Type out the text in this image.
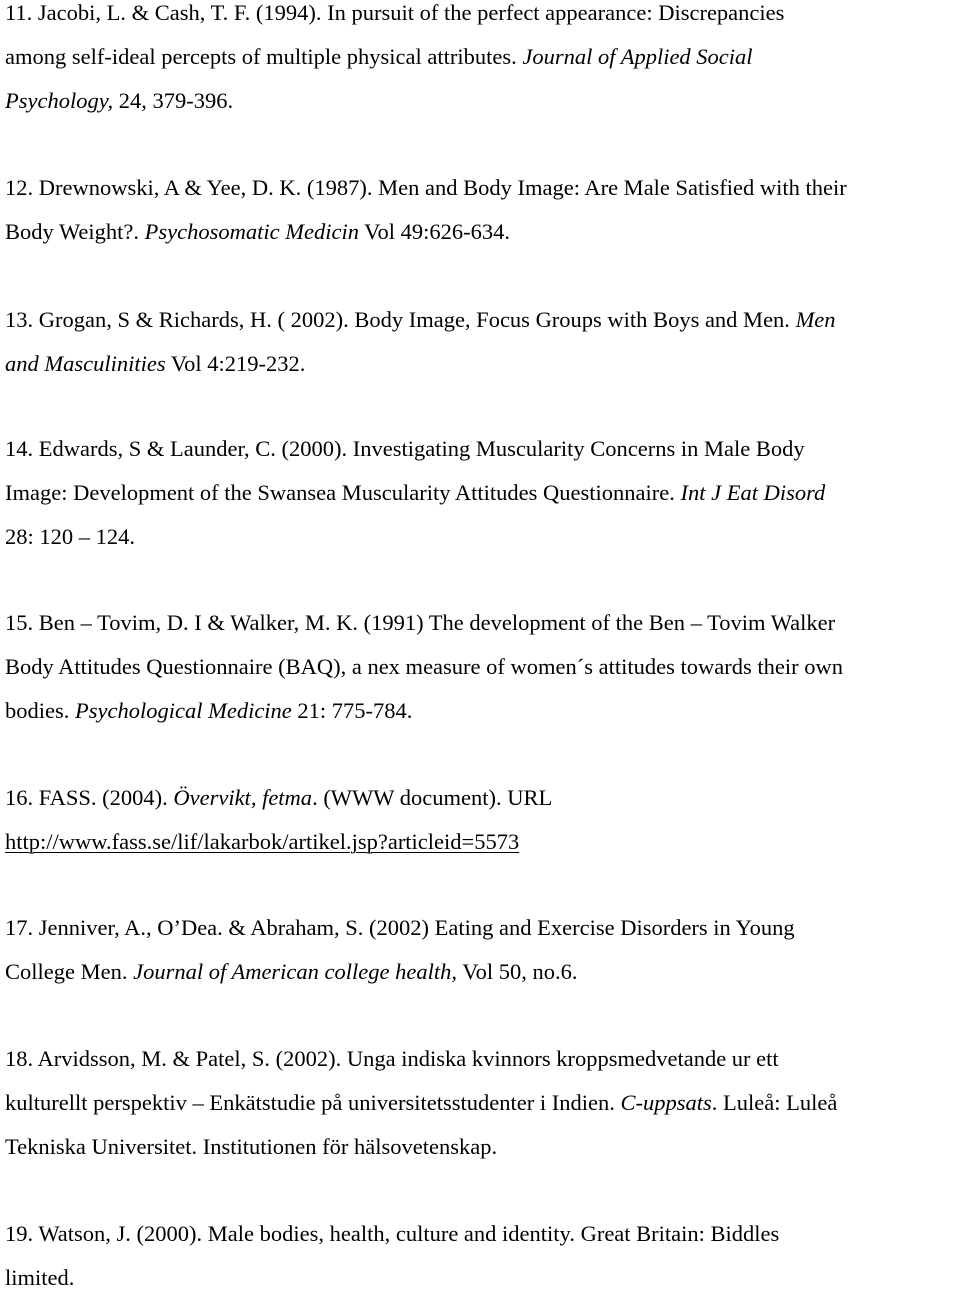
11. Jacobi, L. & Cash, T. F. (1994). In pursuit of the perfect appearance: Discrepancies
among self-ideal percepts of multiple physical attributes. Journal of Applied Social
Psychology, 24, 379-396.
12. Drewnowski, A & Yee, D. K. (1987). Men and Body Image: Are Male Satisfied with their
Body Weight?. Psychosomatic Medicin Vol 49:626-634.
13. Grogan, S & Richards, H. ( 2002). Body Image, Focus Groups with Boys and Men. Men
and Masculinities Vol 4:219-232.
14. Edwards, S & Launder, C. (2000). Investigating Muscularity Concerns in Male Body
Image: Development of the Swansea Muscularity Attitudes Questionnaire. Int J Eat Disord
28: 120 – 124.
15. Ben – Tovim, D. I & Walker, M. K. (1991) The development of the Ben – Tovim Walker
Body Attitudes Questionnaire (BAQ), a nex measure of women´s attitudes towards their own
bodies. Psychological Medicine 21: 775-784.
16. FASS. (2004). Övervikt, fetma. (WWW document). URL
http://www.fass.se/lif/lakarbok/artikel.jsp?articleid=5573
17. Jenniver, A., O’Dea. & Abraham, S. (2002) Eating and Exercise Disorders in Young
College Men. Journal of American college health, Vol 50, no.6.
18. Arvidsson, M. & Patel, S. (2002). Unga indiska kvinnors kroppsmedvetande ur ett
kulturellt perspektiv – Enkätstudie på universitetsstudenter i Indien. C-uppsats. Luleå: Luleå
Tekniska Universitet. Institutionen för hälsovetenskap.
19. Watson, J. (2000). Male bodies, health, culture and identity. Great Britain: Biddles
limited.
